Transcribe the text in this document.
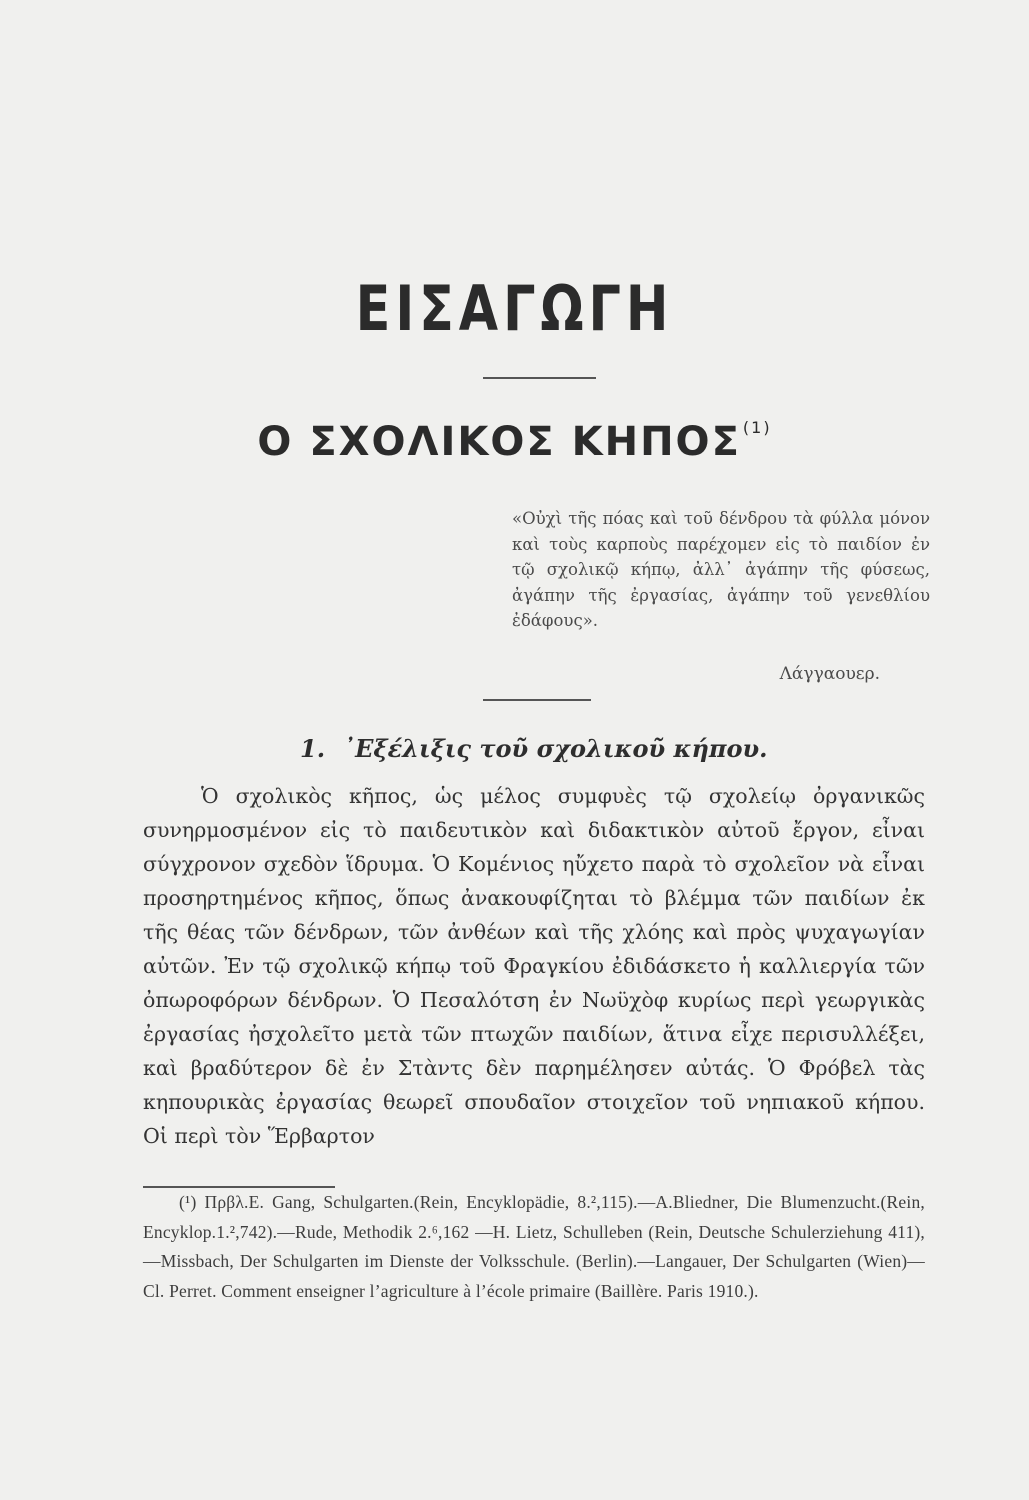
ΕΙΣΑΓΩΓΗ
Ο ΣΧΟΛΙΚΟΣ ΚΗΠΟΣ $^{(1)}$
«Οὐχὶ τῆς πόας καὶ τοῦ δένδρου τὰ φύλλα μόνον καὶ τοὺς καρποὺς παρέχομεν εἰς τὸ παιδίον ἐν τῷ σχολικῷ κήπῳ, ἀλλ᾿ ἀγάπην τῆς φύσεως, ἀγάπην τῆς ἐργασίας, ἀγάπην τοῦ γενεθλίου ἐδάφους».
Λάγγαουερ.
1. ᾿Εξέλιξις τοῦ σχολικοῦ κήπου.
Ὁ σχολικὸς κῆπος, ὡς μέλος συμφυὲς τῷ σχολείῳ ὀργανικῶς συνηρμοσμένον εἰς τὸ παιδευτικὸν καὶ διδακτικὸν αὐτοῦ ἔργον, εἶναι σύγχρονον σχεδὸν ἵδρυμα. Ὁ Κομένιος ηὔχετο παρὰ τὸ σχολεῖον νὰ εἶναι προσηρτημένος κῆπος, ὅπως ἀνακουφίζηται τὸ βλέμμα τῶν παιδίων ἐκ τῆς θέας τῶν δένδρων, τῶν ἀνθέων καὶ τῆς χλόης καὶ πρὸς ψυχαγωγίαν αὐτῶν. Ἐν τῷ σχολικῷ κήπῳ τοῦ Φραγκίου ἐδιδάσκετο ἡ καλλιεργία τῶν ὀπωροφόρων δένδρων. Ὁ Πεσαλότση ἐν Νωϋχὸφ κυρίως περὶ γεωργικὰς ἐργασίας ἠσχολεῖτο μετὰ τῶν πτωχῶν παιδίων, ἅτινα εἶχε περισυλλέξει, καὶ βραδύτερον δὲ ἐν Στὰντς δὲν παρημέλησεν αὐτάς. Ὁ Φρόβελ τὰς κηπουρικὰς ἐργασίας θεωρεῖ σπουδαῖον στοιχεῖον τοῦ νηπιακοῦ κήπου. Οἱ περὶ τὸν Ἕρβαρτον
(¹) Πρβλ.E. Gang, Schulgarten.(Rein, Encyklopädie, 8.²,115).—A.Bliedner, Die Blumenzucht.(Rein, Encyklop.1.²,742).—Rude, Methodik 2.⁶,162 —H. Lietz, Schulleben (Rein, Deutsche Schulerziehung 411),—Missbach, Der Schulgarten im Dienste der Volksschule. (Berlin).—Langauer, Der Schulgarten (Wien)— Cl. Perret. Comment enseigner l’agriculture à l’école primaire (Baillère. Paris 1910.).
